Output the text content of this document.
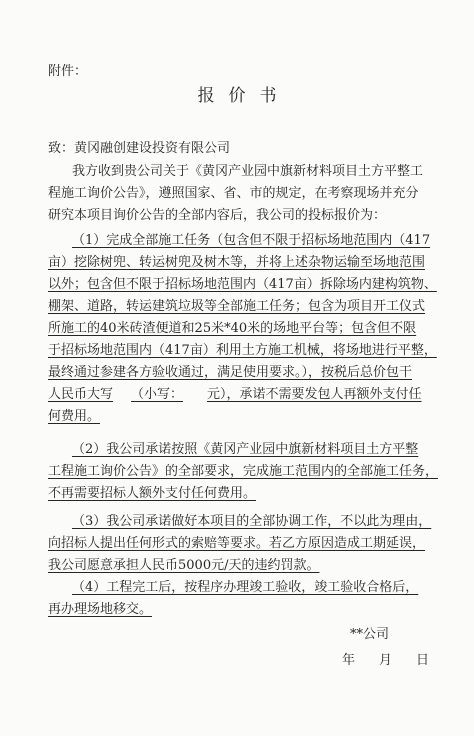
附件：
报价书
致：黄冈融创建设投资有限公司
我方收到贵公司关于《黄冈产业园中旗新材料项目土方平整工
程施工询价公告》，遵照国家、省、市的规定，在考察现场并充分
研究本项目询价公告的全部内容后，我公司的投标报价为：
（1）完成全部施工任务（包含但不限于招标场地范围内（417
亩）挖除树兜、转运树兜及树木等，并将上述杂物运输至场地范围
以外；包含但不限于招标场地范围内（417亩）拆除场内建构筑物、
棚架、道路，转运建筑垃圾等全部施工任务；包含为项目开工仪式
所施工的40米砖渣便道和25米*40米的场地平台等；包含但不限
于招标场地范围内（417亩）利用土方施工机械，将场地进行平整，
最终通过参建各方验收通过，满足使用要求。），按税后总价包干
人民币大写 （小写： 元），承诺不需要发包人再额外支付任
何费用。
（2）我公司承诺按照《黄冈产业园中旗新材料项目土方平整
工程施工询价公告》的全部要求，完成施工范围内的全部施工任务，
不再需要招标人额外支付任何费用。
（3）我公司承诺做好本项目的全部协调工作，不以此为理由，
向招标人提出任何形式的索赔等要求。若乙方原因造成工期延误，
我公司愿意承担人民币5000元/天的违约罚款。
（4）工程完工后，按程序办理竣工验收，竣工验收合格后，
再办理场地移交。
**公司
年 月 日
